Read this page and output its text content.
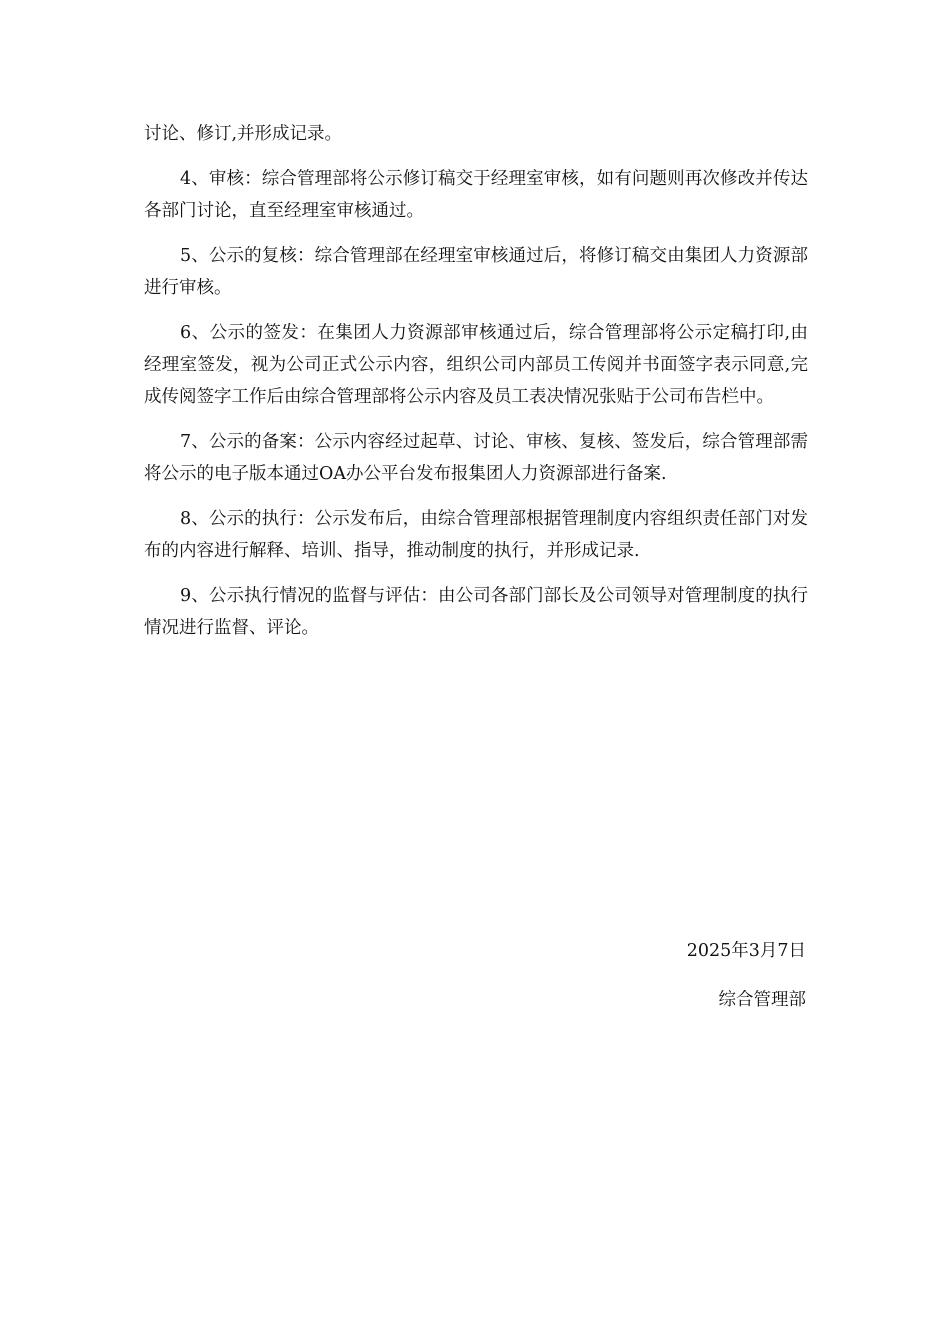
讨论、修订,并形成记录。

4、审核：综合管理部将公示修订稿交于经理室审核，如有问题则再次修改并传达各部门讨论，直至经理室审核通过。

5、公示的复核：综合管理部在经理室审核通过后，将修订稿交由集团人力资源部进行审核。

6、公示的签发：在集团人力资源部审核通过后，综合管理部将公示定稿打印,由经理室签发，视为公司正式公示内容，组织公司内部员工传阅并书面签字表示同意,完成传阅签字工作后由综合管理部将公示内容及员工表决情况张贴于公司布告栏中。

7、公示的备案：公示内容经过起草、讨论、审核、复核、签发后，综合管理部需将公示的电子版本通过OA办公平台发布报集团人力资源部进行备案.

8、公示的执行：公示发布后，由综合管理部根据管理制度内容组织责任部门对发布的内容进行解释、培训、指导，推动制度的执行，并形成记录.

9、公示执行情况的监督与评估：由公司各部门部长及公司领导对管理制度的执行情况进行监督、评论。

2025年3月7日
综合管理部
